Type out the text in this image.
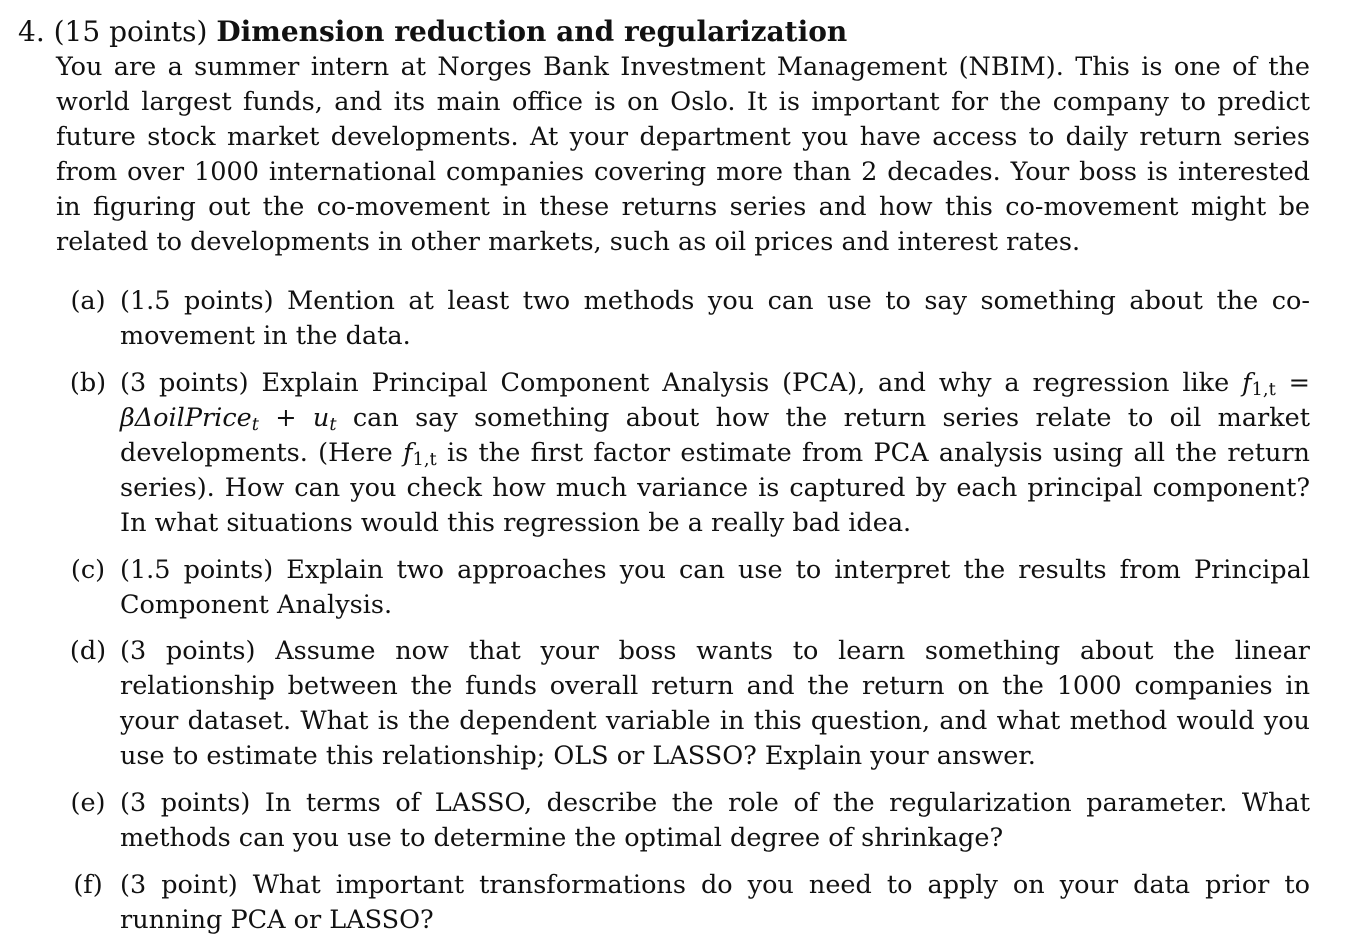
4. (15 points) Dimension reduction and regularization
You are a summer intern at Norges Bank Investment Management (NBIM). This is one of the world largest funds, and its main office is on Oslo. It is important for the company to predict future stock market developments. At your department you have access to daily return series from over 1000 international companies covering more than 2 decades. Your boss is interested in figuring out the co-movement in these returns series and how this co-movement might be related to developments in other markets, such as oil prices and interest rates.
(a) (1.5 points) Mention at least two methods you can use to say something about the co-movement in the data.
(b) (3 points) Explain Principal Component Analysis (PCA), and why a regression like $f_{1,t}$ = βΔoilPrice$_t$ + $u_t$ can say something about how the return series relate to oil market developments. (Here $f_{1,t}$ is the first factor estimate from PCA analysis using all the return series). How can you check how much variance is captured by each principal component? In what situations would this regression be a really bad idea.
(c) (1.5 points) Explain two approaches you can use to interpret the results from Principal Component Analysis.
(d) (3 points) Assume now that your boss wants to learn something about the linear relationship between the funds overall return and the return on the 1000 companies in your dataset. What is the dependent variable in this question, and what method would you use to estimate this relationship; OLS or LASSO? Explain your answer.
(e) (3 points) In terms of LASSO, describe the role of the regularization parameter. What methods can you use to determine the optimal degree of shrinkage?
(f) (3 point) What important transformations do you need to apply on your data prior to running PCA or LASSO?
